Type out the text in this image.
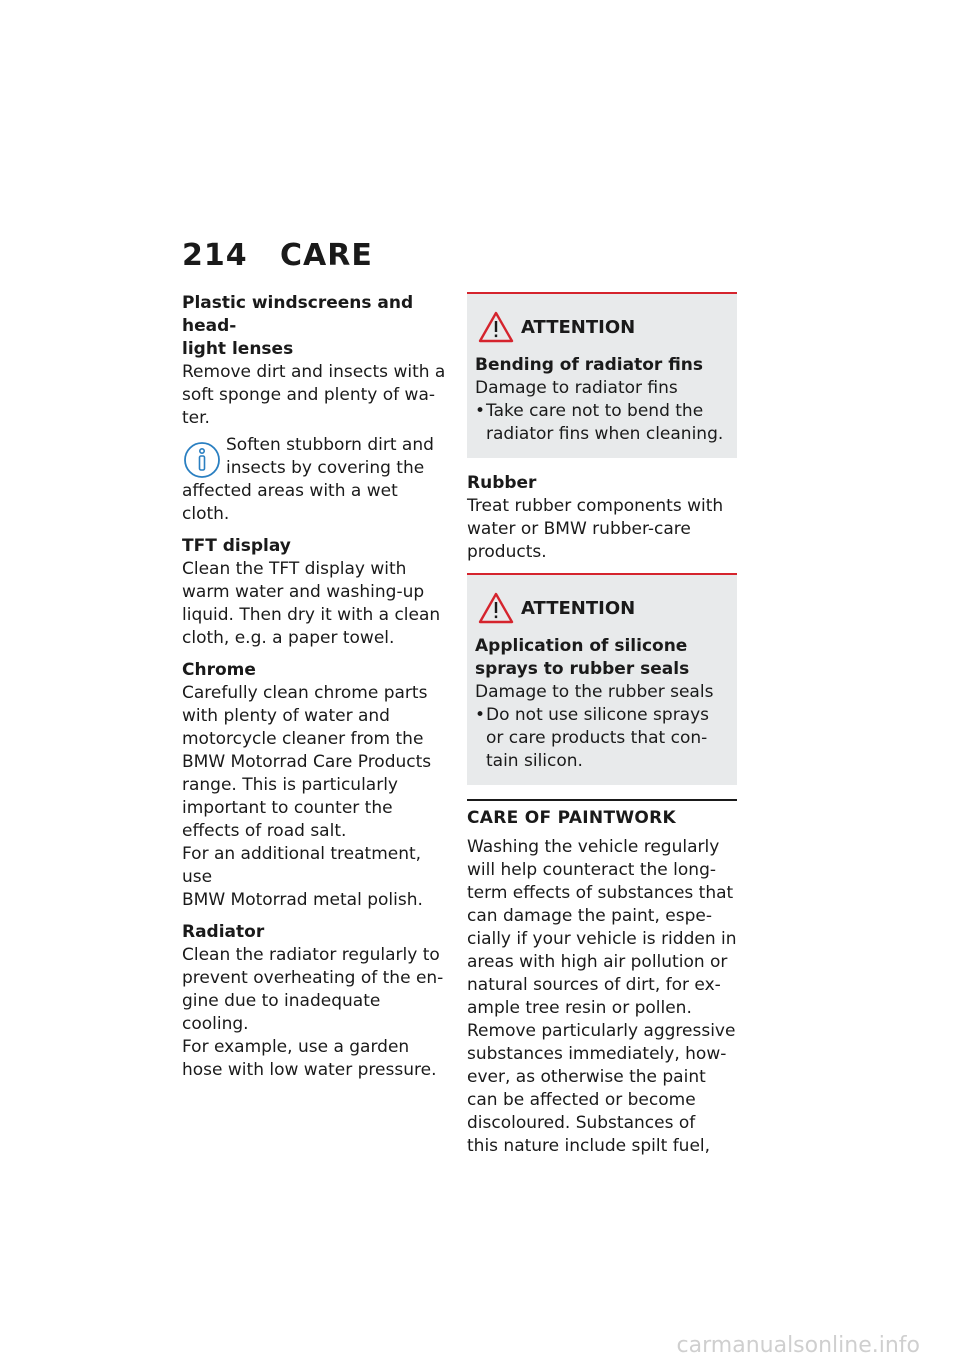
214 CARE

Plastic windscreens and head-

light lenses

Remove dirt and insects with a

soft sponge and plenty of wa-

ter.

Soften stubborn dirt and

insects by covering the

affected areas with a wet cloth.

TFT display

Clean the TFT display with

warm water and washing-up

liquid. Then dry it with a clean

cloth, e.g. a paper towel.

Chrome

Carefully clean chrome parts

with plenty of water and

motorcycle cleaner from the

BMW Motorrad Care Products

range. This is particularly

important to counter the

effects of road salt.

For an additional treatment, use

BMW Motorrad metal polish.

Radiator

Clean the radiator regularly to

prevent overheating of the en-

gine due to inadequate cooling.

For example, use a garden

hose with low water pressure.

ATTENTION

Bending of radiator fins

Damage to radiator fins

• Take care not to bend the

radiator fins when cleaning.

Rubber

Treat rubber components with

water or BMW rubber-care

products.

ATTENTION

Application of silicone

sprays to rubber seals

Damage to the rubber seals

• Do not use silicone sprays

or care products that con-

tain silicon.

CARE OF PAINTWORK

Washing the vehicle regularly

will help counteract the long-

term effects of substances that

can damage the paint, espe-

cially if your vehicle is ridden in

areas with high air pollution or

natural sources of dirt, for ex-

ample tree resin or pollen.

Remove particularly aggressive

substances immediately, how-

ever, as otherwise the paint

can be affected or become

discoloured. Substances of

this nature include spilt fuel,

carmanualsonline.info
